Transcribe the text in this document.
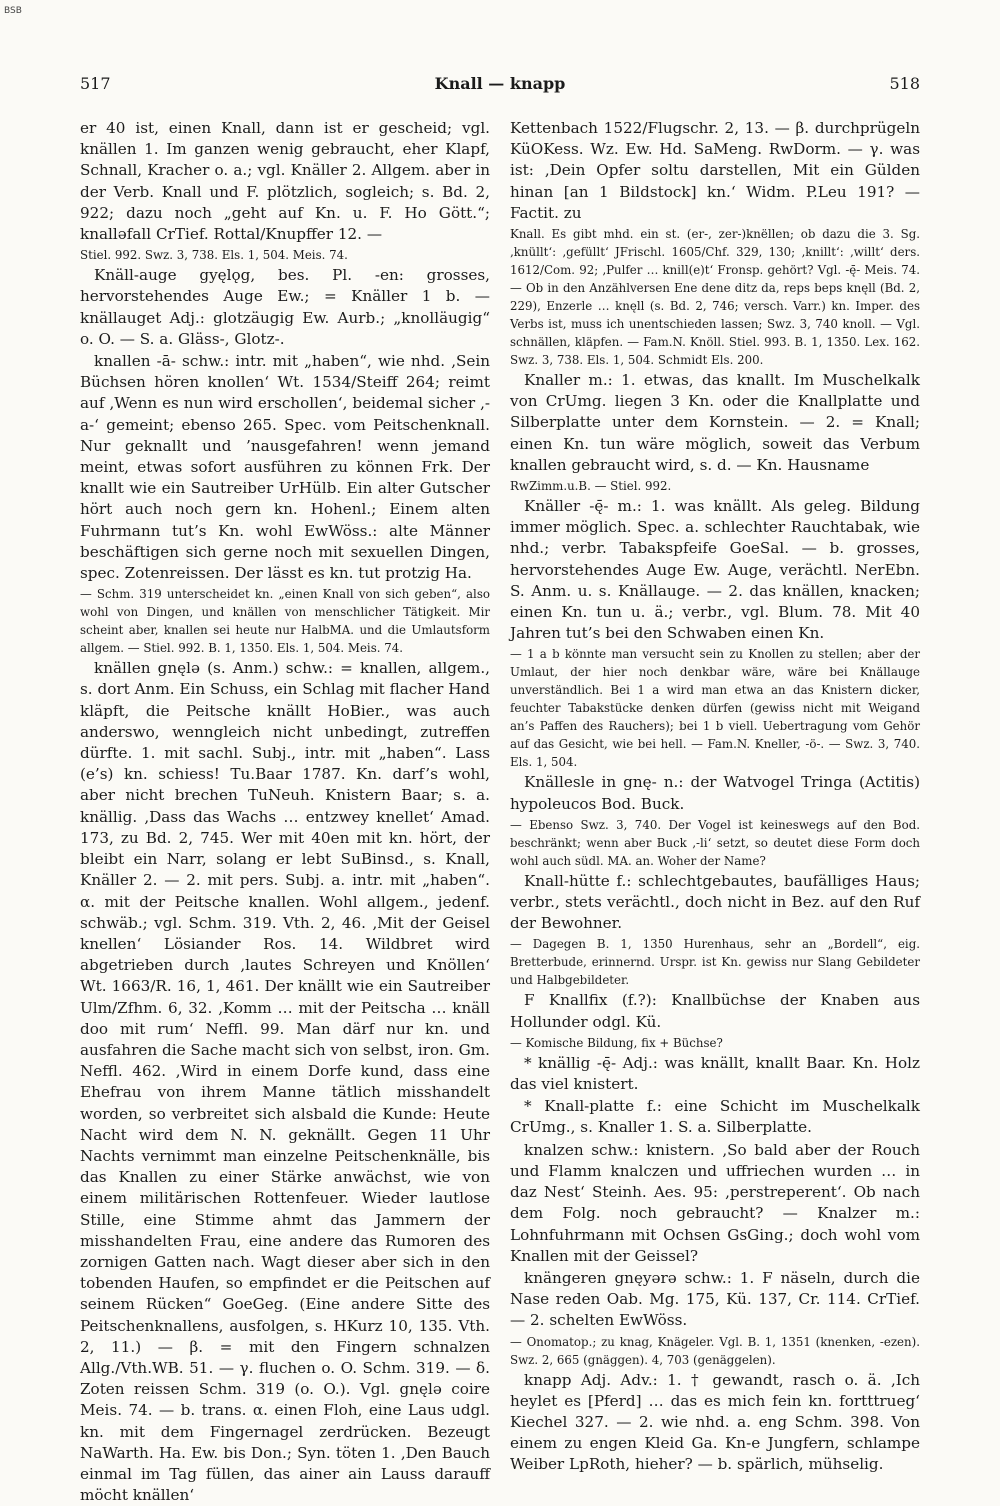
BSB
517	Knall — knapp	518

er 40 ist, einen Knall, dann ist er gescheid; vgl. knällen 1. Im ganzen wenig gebraucht, eher Klapf, Schnall, Kracher o. a.; vgl. Knäller 2. Allgem. aber in der Verb. Knall und F. plötzlich, sogleich; s. Bd. 2, 922; dazu noch „geht auf Kn. u. F. Ho Gött.“; knalləfall CrTief. Rottal/Knupffer 12. —

Stiel. 992. Swz. 3, 738. Els. 1, 504. Meis. 74.

Knäll-auge gyęlǫg, bes. Pl. -en: grosses, hervorstehendes Auge Ew.; = Knäller 1 b. — knällauget Adj.: glotzäugig Ew. Aurb.; „knolläugig“ o. O. — S. a. Gläss-, Glotz-.

knallen -ā- schw.: intr. mit „haben“, wie nhd. ‚Sein Büchsen hören knollen‘ Wt. 1534/Steiff 264; reimt auf ‚Wenn es nun wird erschollen‘, beidemal sicher ‚-a-‘ gemeint; ebenso 265. Spec. vom Peitschenknall. Nur geknallt und ’nausgefahren! wenn jemand meint, etwas sofort ausführen zu können Frk. Der knallt wie ein Sautreiber UrHülb. Ein alter Gutscher hört auch noch gern kn. Hohenl.; Einem alten Fuhrmann tut’s Kn. wohl EwWöss.: alte Männer beschäftigen sich gerne noch mit sexuellen Dingen, spec. Zotenreissen. Der lässt es kn. tut protzig Ha.

— Schm. 319 unterscheidet kn. „einen Knall von sich geben“, also wohl von Dingen, und knällen von menschlicher Tätigkeit. Mir scheint aber, knallen sei heute nur HalbMA. und die Umlautsform allgem. — Stiel. 992. B. 1, 1350. Els. 1, 504. Meis. 74.

knällen gnęlə (s. Anm.) schw.: = knallen, allgem., s. dort Anm. Ein Schuss, ein Schlag mit flacher Hand kläpft, die Peitsche knällt HoBier., was auch anderswo, wenngleich nicht unbedingt, zutreffen dürfte. 1. mit sachl. Subj., intr. mit „haben“. Lass (e’s) kn. schiess! Tu.Baar 1787. Kn. darf’s wohl, aber nicht brechen TuNeuh. Knistern Baar; s. a. knällig. ‚Dass das Wachs … entzwey knellet‘ Amad. 173, zu Bd. 2, 745. Wer mit 40en mit kn. hört, der bleibt ein Narr, solang er lebt SuBinsd., s. Knall, Knäller 2. — 2. mit pers. Subj. a. intr. mit „haben“. α. mit der Peitsche knallen. Wohl allgem., jedenf. schwäb.; vgl. Schm. 319. Vth. 2, 46. ‚Mit der Geisel knellen‘ Lösiander Ros. 14. Wildbret wird abgetrieben durch ‚lautes Schreyen und Knöllen‘ Wt. 1663/R. 16, 1, 461. Der knällt wie ein Sautreiber Ulm/Zfhm. 6, 32. ‚Komm … mit der Peitscha … knäll doo mit rum‘ Neffl. 99. Man därf nur kn. und ausfahren die Sache macht sich von selbst, iron. Gm. Neffl. 462. ‚Wird in einem Dorfe kund, dass eine Ehefrau von ihrem Manne tätlich misshandelt worden, so verbreitet sich alsbald die Kunde: Heute Nacht wird dem N. N. geknällt. Gegen 11 Uhr Nachts vernimmt man einzelne Peitschenknälle, bis das Knallen zu einer Stärke anwächst, wie von einem militärischen Rottenfeuer. Wieder lautlose Stille, eine Stimme ahmt das Jammern der misshandelten Frau, eine andere das Rumoren des zornigen Gatten nach. Wagt dieser aber sich in den tobenden Haufen, so empfindet er die Peitschen auf seinem Rücken“ GoeGeg. (Eine andere Sitte des Peitschenknallens, ausfolgen, s. HKurz 10, 135. Vth. 2, 11.) — β. = mit den Fingern schnalzen Allg./Vth.WB. 51. — γ. fluchen o. O. Schm. 319. — δ. Zoten reissen Schm. 319 (o. O.). Vgl. gnęlə coire Meis. 74. — b. trans. α. einen Floh, eine Laus udgl. kn. mit dem Fingernagel zerdrücken. Bezeugt NaWarth. Ha. Ew. bis Don.; Syn. töten 1. ‚Den Bauch einmal im Tag füllen, das ainer ain Lauss darauff möcht knällen‘

Kettenbach 1522/Flugschr. 2, 13. — β. durchprügeln KüOKess. Wz. Ew. Hd. SaMeng. RwDorm. — γ. was ist: ‚Dein Opfer soltu darstellen, Mit ein Gülden hinan [an 1 Bildstock] kn.‘ Widm. P.Leu 191? — Factit. zu

Knall. Es gibt mhd. ein st. (er-, zer-)knëllen; ob dazu die 3. Sg. ‚knüllt‘: ‚gefüllt‘ JFrischl. 1605/Chf. 329, 130; ‚knillt‘: ‚willt‘ ders. 1612/Com. 92; ‚Pulfer … knill(e)t‘ Fronsp. gehört? Vgl. -ę̄- Meis. 74. — Ob in den Anzählversen Ene dene ditz da, reps beps knęll (Bd. 2, 229), Enzerle … knęll (s. Bd. 2, 746; versch. Varr.) kn. Imper. des Verbs ist, muss ich unentschieden lassen; Swz. 3, 740 knoll. — Vgl. schnällen, kläpfen. — Fam.N. Knöll. Stiel. 993. B. 1, 1350. Lex. 162. Swz. 3, 738. Els. 1, 504. Schmidt Els. 200.

Knaller m.: 1. etwas, das knallt. Im Muschelkalk von CrUmg. liegen 3 Kn. oder die Knallplatte und Silberplatte unter dem Kornstein. — 2. = Knall; einen Kn. tun wäre möglich, soweit das Verbum knallen gebraucht wird, s. d. — Kn. Hausname

RwZimm.u.B. — Stiel. 992.

Knäller -ę̄- m.: 1. was knällt. Als geleg. Bildung immer möglich. Spec. a. schlechter Rauchtabak, wie nhd.; verbr. Tabakspfeife GoeSal. — b. grosses, hervorstehendes Auge Ew. Auge, verächtl. NerEbn. S. Anm. u. s. Knällauge. — 2. das knällen, knacken; einen Kn. tun u. ä.; verbr., vgl. Blum. 78. Mit 40 Jahren tut’s bei den Schwaben einen Kn.

— 1 a b könnte man versucht sein zu Knollen zu stellen; aber der Umlaut, der hier noch denkbar wäre, wäre bei Knällauge unverständlich. Bei 1 a wird man etwa an das Knistern dicker, feuchter Tabakstücke denken dürfen (gewiss nicht mit Weigand an’s Paffen des Rauchers); bei 1 b viell. Uebertragung vom Gehör auf das Gesicht, wie bei hell. — Fam.N. Kneller, -ö-. — Swz. 3, 740. Els. 1, 504.

Knällesle in gnę- n.: der Watvogel Tringa (Actitis) hypoleucos Bod. Buck.

— Ebenso Swz. 3, 740. Der Vogel ist keineswegs auf den Bod. beschränkt; wenn aber Buck ‚-li‘ setzt, so deutet diese Form doch wohl auch südl. MA. an. Woher der Name?

Knall-hütte f.: schlechtgebautes, baufälliges Haus; verbr., stets verächtl., doch nicht in Bez. auf den Ruf der Bewohner.

— Dagegen B. 1, 1350 Hurenhaus, sehr an „Bordell“, eig. Bretterbude, erinnernd. Urspr. ist Kn. gewiss nur Slang Gebildeter und Halbgebildeter.

F Knallfix (f.?): Knallbüchse der Knaben aus Hollunder odgl. Kü.

— Komische Bildung, fix + Büchse?

* knällig -ę̄- Adj.: was knällt, knallt Baar. Kn. Holz das viel knistert.

* Knall-platte f.: eine Schicht im Muschelkalk CrUmg., s. Knaller 1. S. a. Silberplatte.

knalzen schw.: knistern. ‚So bald aber der Rouch und Flamm knalczen und uffriechen wurden … in daz Nest‘ Steinh. Aes. 95: ‚perstreperent‘. Ob nach dem Folg. noch gebraucht? — Knalzer m.: Lohnfuhrmann mit Ochsen GsGing.; doch wohl vom Knallen mit der Geissel?

knängeren gnęyərə schw.: 1. F näseln, durch die Nase reden Oab. Mg. 175, Kü. 137, Cr. 114. CrTief. — 2. schelten EwWöss.

— Onomatop.; zu knag, Knägeler. Vgl. B. 1, 1351 (knenken, -ezen). Swz. 2, 665 (gnäggen). 4, 703 (genäggelen).

knapp Adj. Adv.: 1. † gewandt, rasch o. ä. ‚Ich heylet es [Pferd] … das es mich fein kn. fortttrueg‘ Kiechel 327. — 2. wie nhd. a. eng Schm. 398. Von einem zu engen Kleid Ga. Kn-e Jungfern, schlampe Weiber LpRoth, hieher? — b. spärlich, mühselig.
